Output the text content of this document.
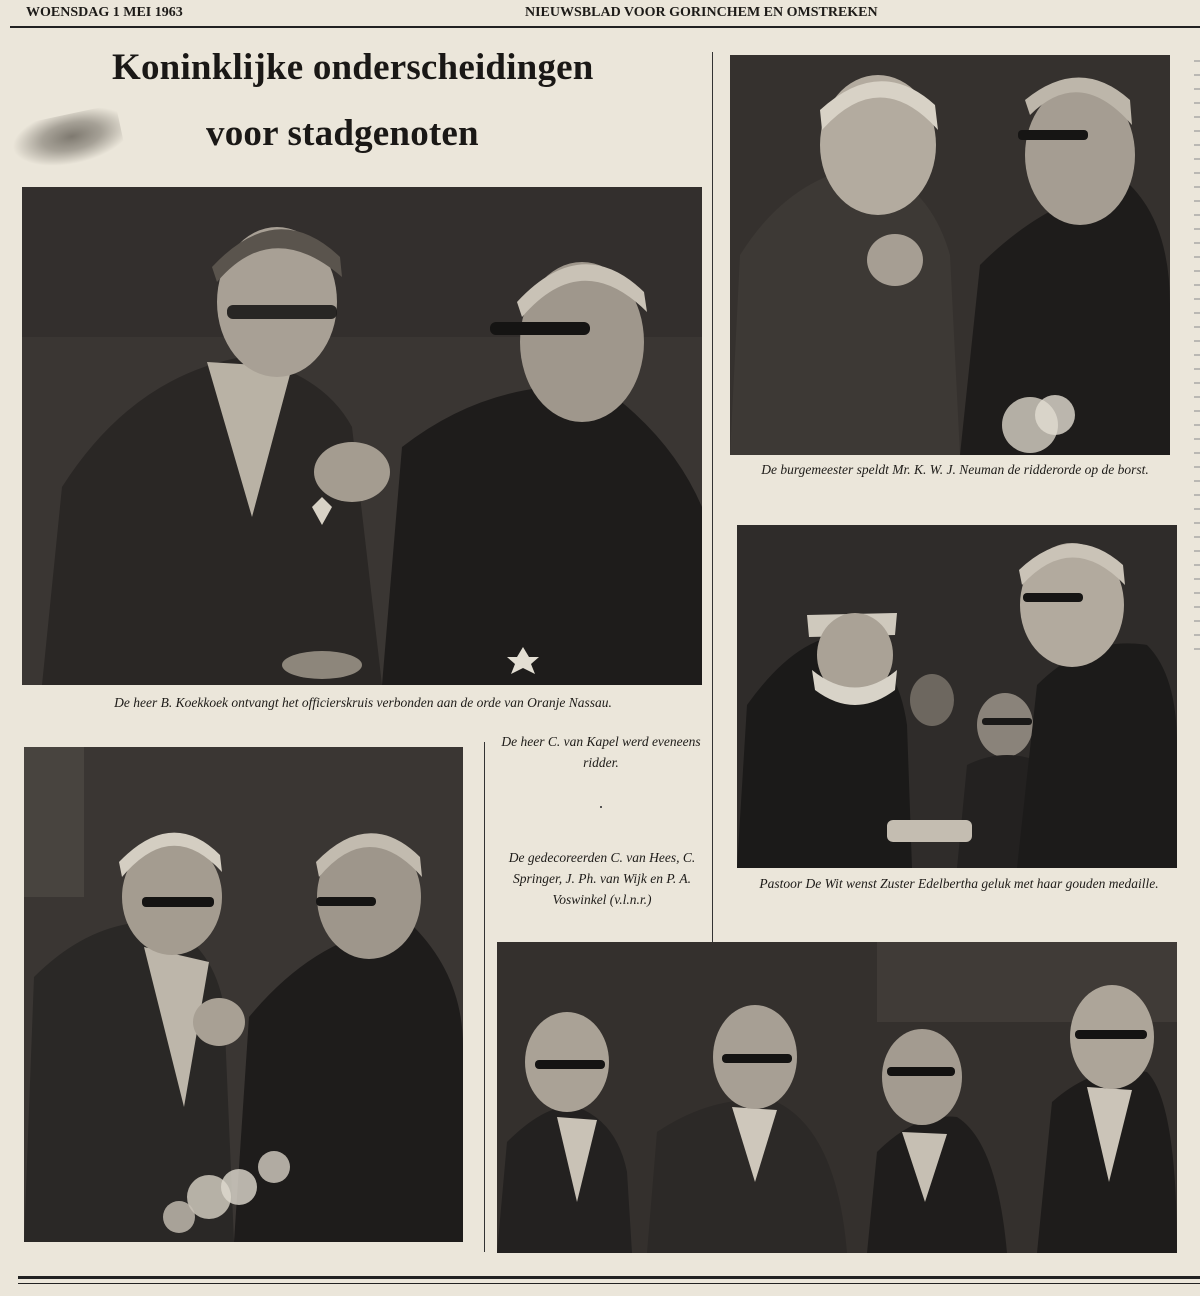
WOENSDAG 1 MEI 1963	NIEUWSBLAD VOOR GORINCHEM EN OMSTREKEN

Koninklijke onderscheidingen
voor stadgenoten
De heer B. Koekkoek ontvangt het officierskruis verbonden aan de orde van Oranje Nassau.
De burgemeester speldt Mr. K. W. J. Neuman de ridderorde op de borst.
Pastoor De Wit wenst Zuster Edelbertha geluk met haar gouden medaille.
De heer C. van Kapel werd eveneens ridder.
De gedecoreerden C. van Hees, C. Springer, J. Ph. van Wijk en P. A. Voswinkel (v.l.n.r.)
